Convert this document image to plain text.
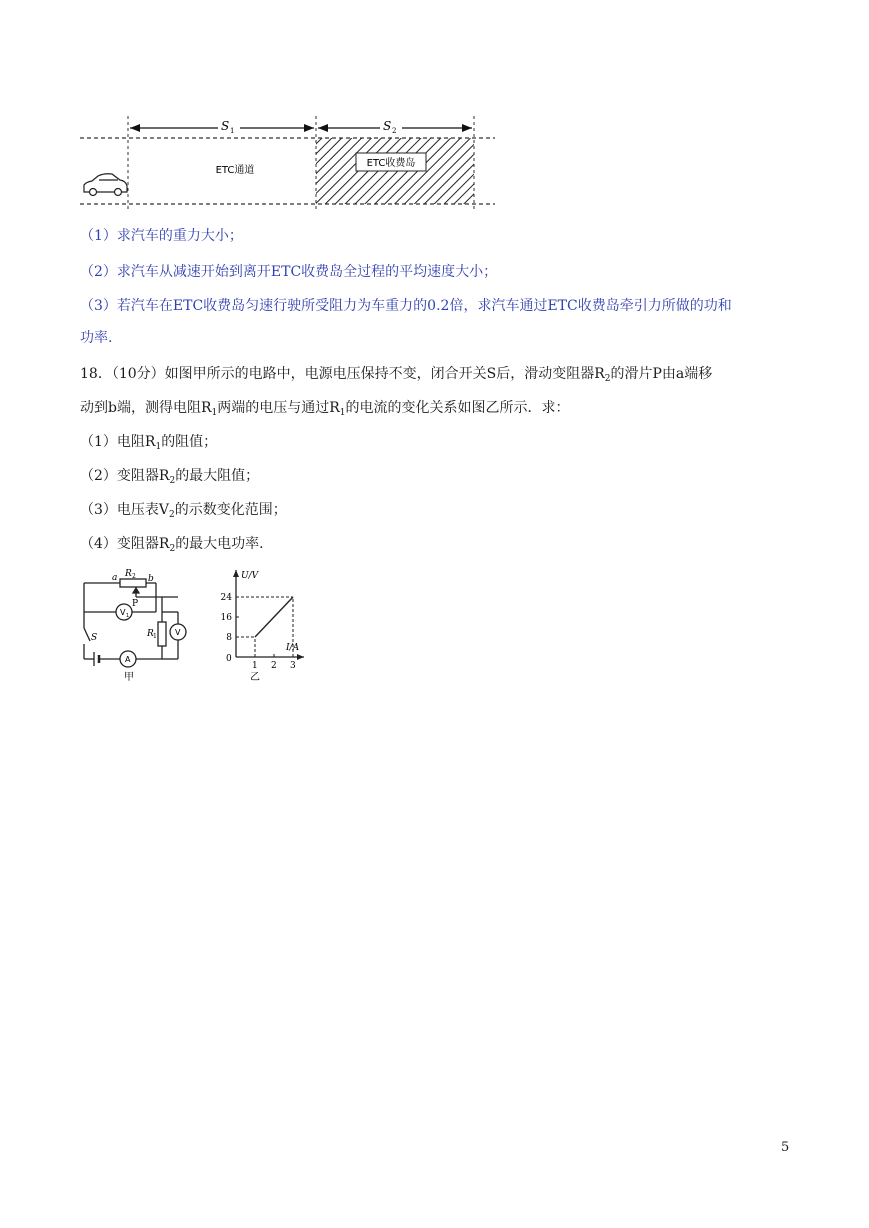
S 1	S 2
ETC收费岛
ETC通道
（1）求汽车的重力大小；
（2）求汽车从减速开始到离开ETC收费岛全过程的平均速度大小；
（3）若汽车在ETC收费岛匀速行驶所受阻力为车重力的0.2倍，求汽车通过ETC收费岛牵引力所做的功和
功率.
18．（10分）如图甲所示的电路中，电源电压保持不变，闭合开关S后，滑动变阻器$R_2$的滑片P由a端移
动到b端，测得电阻$R_1$两端的电压与通过$R_1$的电流的变化关系如图乙所示．求：
（1）电阻$R_1$的阻值；
（2）变阻器$R_2$的最大阻值；
（3）电压表$V_2$的示数变化范围；
（4）变阻器$R_2$的最大电功率.
a	b
R 2
P
V 1
R 1 V
S
A
甲
U/V
I/A
0
乙
1 2 3
8
16
24
5
